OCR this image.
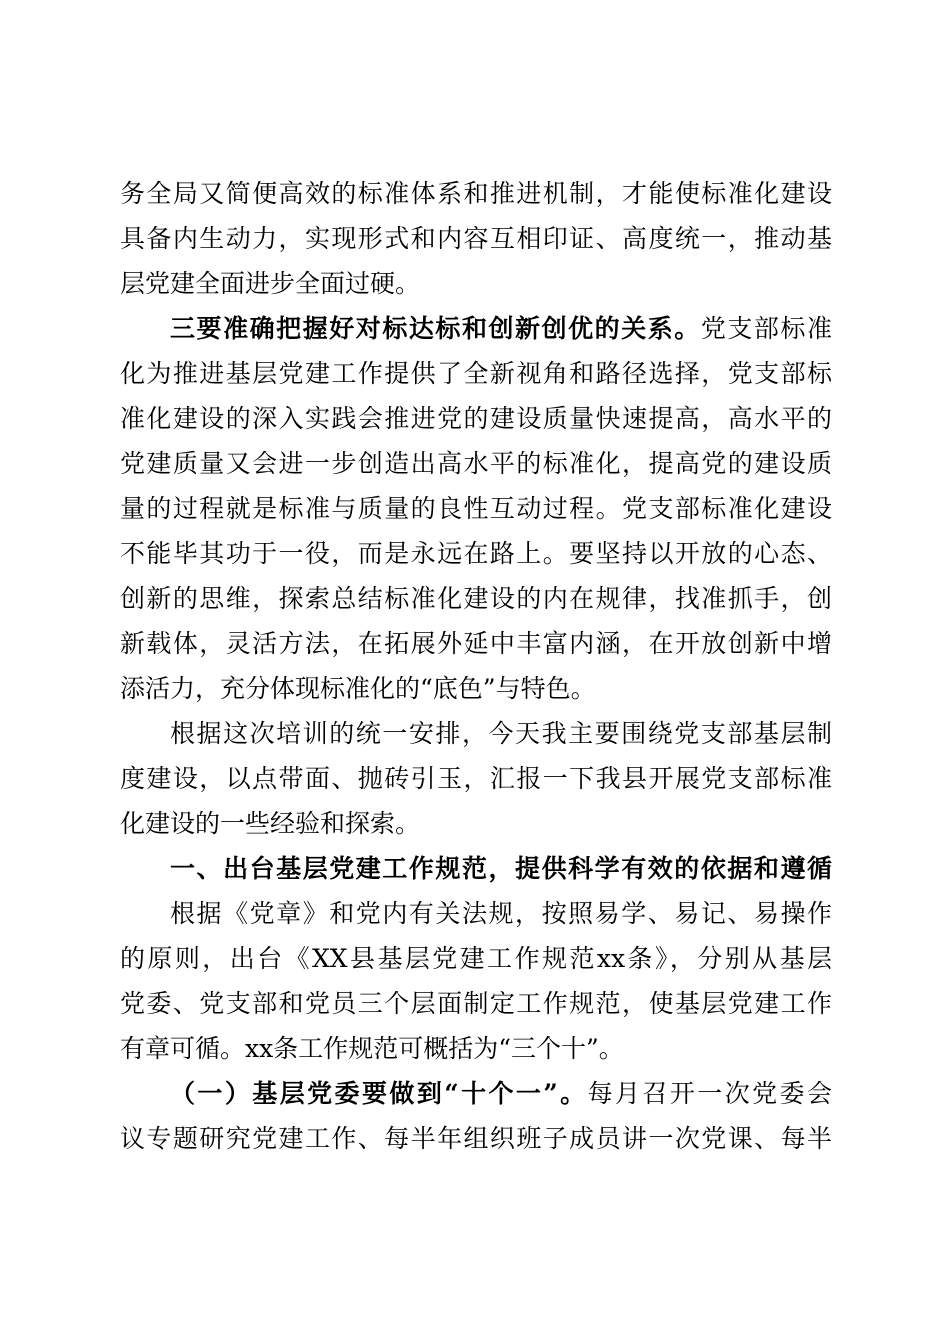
务全局又简便高效的标准体系和推进机制，才能使标准化建设
具备内生动力，实现形式和内容互相印证、高度统一，推动基
层党建全面进步全面过硬。
三要准确把握好对标达标和创新创优的关系。党支部标准
化为推进基层党建工作提供了全新视角和路径选择，党支部标
准化建设的深入实践会推进党的建设质量快速提高，高水平的
党建质量又会进一步创造出高水平的标准化，提高党的建设质
量的过程就是标准与质量的良性互动过程。党支部标准化建设
不能毕其功于一役，而是永远在路上。要坚持以开放的心态、
创新的思维，探索总结标准化建设的内在规律，找准抓手，创
新载体，灵活方法，在拓展外延中丰富内涵，在开放创新中增
添活力，充分体现标准化的“底色”与特色。
根据这次培训的统一安排，今天我主要围绕党支部基层制
度建设，以点带面、抛砖引玉，汇报一下我县开展党支部标准
化建设的一些经验和探索。
一、出台基层党建工作规范，提供科学有效的依据和遵循
根据《党章》和党内有关法规，按照易学、易记、易操作
的原则，出台《XX县基层党建工作规范xx条》，分别从基层
党委、党支部和党员三个层面制定工作规范，使基层党建工作
有章可循。xx条工作规范可概括为“三个十”。
（一）基层党委要做到“十个一”。每月召开一次党委会
议专题研究党建工作、每半年组织班子成员讲一次党课、每半
